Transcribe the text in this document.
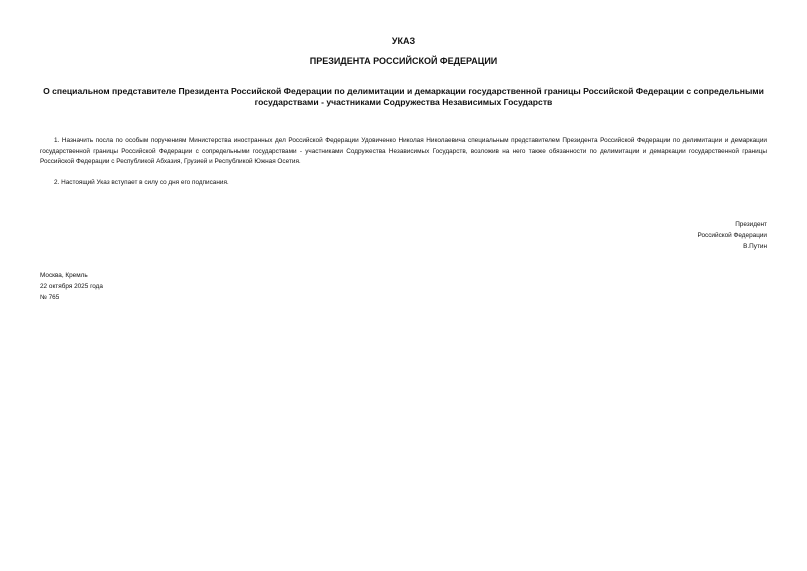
УКАЗ
ПРЕЗИДЕНТА РОССИЙСКОЙ ФЕДЕРАЦИИ
О специальном представителе Президента Российской Федерации по делимитации и демаркации государственной границы Российской Федерации с сопредельными государствами - участниками Содружества Независимых Государств

1. Назначить посла по особым поручениям Министерства иностранных дел Российской Федерации Удовиченко Николая Николаевича специальным представителем Президента Российской Федерации по делимитации и демаркации государственной границы Российской Федерации с сопредельными государствами - участниками Содружества Независимых Государств, возложив на него также обязанности по делимитации и демаркации государственной границы Российской Федерации с Республикой Абхазия, Грузией и Республикой Южная Осетия.

2. Настоящий Указ вступает в силу со дня его подписания.

Президент
Российской Федерации
В.Путин
Москва, Кремль
22 октября 2025 года
№ 765
